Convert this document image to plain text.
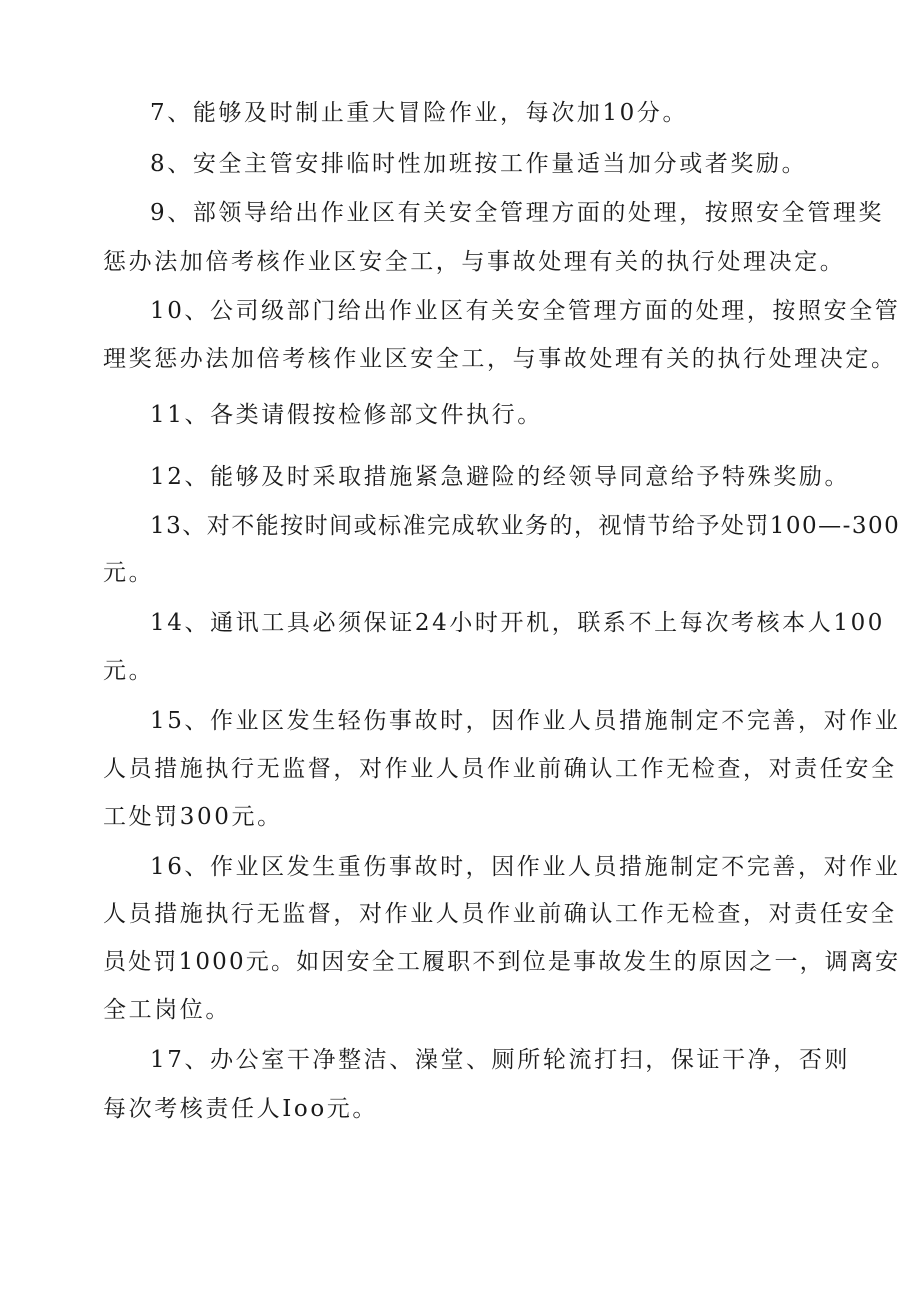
7、能够及时制止重大冒险作业，每次加10分。
8、安全主管安排临时性加班按工作量适当加分或者奖励。
9、部领导给出作业区有关安全管理方面的处理，按照安全管理奖
惩办法加倍考核作业区安全工，与事故处理有关的执行处理决定。
10、公司级部门给出作业区有关安全管理方面的处理，按照安全管
理奖惩办法加倍考核作业区安全工，与事故处理有关的执行处理决定。
11、各类请假按检修部文件执行。
12、能够及时采取措施紧急避险的经领导同意给予特殊奖励。
13、对不能按时间或标准完成软业务的，视情节给予处罚100—-300
元。
14、通讯工具必须保证24小时开机，联系不上每次考核本人100
元。
15、作业区发生轻伤事故时，因作业人员措施制定不完善，对作业
人员措施执行无监督，对作业人员作业前确认工作无检查，对责任安全
工处罚300元。
16、作业区发生重伤事故时，因作业人员措施制定不完善，对作业
人员措施执行无监督，对作业人员作业前确认工作无检查，对责任安全
员处罚1000元。如因安全工履职不到位是事故发生的原因之一，调离安
全工岗位。
17、办公室干净整洁、澡堂、厕所轮流打扫，保证干净，否则
每次考核责任人Ioo元。
